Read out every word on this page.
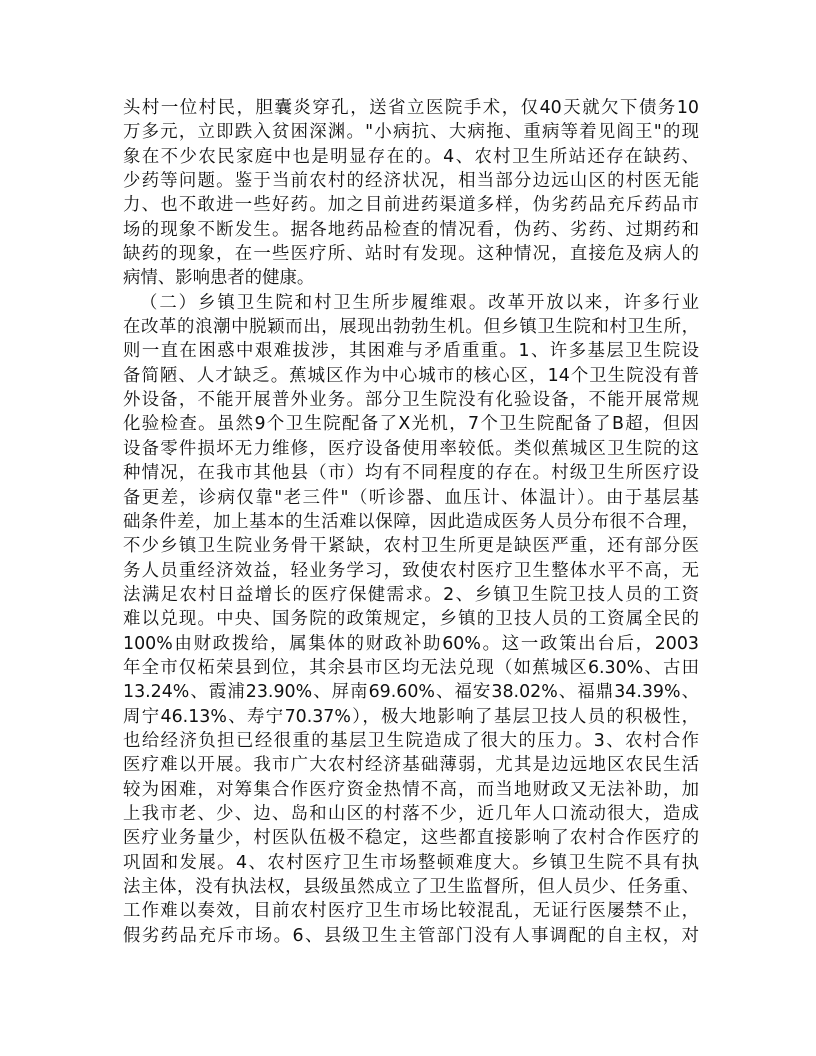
头村一位村民，胆囊炎穿孔，送省立医院手术，仅40天就欠下债务10
万多元，立即跌入贫困深渊。"小病抗、大病拖、重病等着见阎王"的现
象在不少农民家庭中也是明显存在的。4、农村卫生所站还存在缺药、
少药等问题。鉴于当前农村的经济状况，相当部分边远山区的村医无能
力、也不敢进一些好药。加之目前进药渠道多样，伪劣药品充斥药品市
场的现象不断发生。据各地药品检查的情况看，伪药、劣药、过期药和
缺药的现象，在一些医疗所、站时有发现。这种情况，直接危及病人的
病情、影响患者的健康。
（二）乡镇卫生院和村卫生所步履维艰。改革开放以来，许多行业
在改革的浪潮中脱颖而出，展现出勃勃生机。但乡镇卫生院和村卫生所，
则一直在困惑中艰难拔涉，其困难与矛盾重重。1、许多基层卫生院设
备简陋、人才缺乏。蕉城区作为中心城市的核心区，14个卫生院没有普
外设备，不能开展普外业务。部分卫生院没有化验设备，不能开展常规
化验检查。虽然9个卫生院配备了X光机，7个卫生院配备了B超，但因
设备零件损坏无力维修，医疗设备使用率较低。类似蕉城区卫生院的这
种情况，在我市其他县（市）均有不同程度的存在。村级卫生所医疗设
备更差，诊病仅靠"老三件"（听诊器、血压计、体温计）。由于基层基
础条件差，加上基本的生活难以保障，因此造成医务人员分布很不合理，
不少乡镇卫生院业务骨干紧缺，农村卫生所更是缺医严重，还有部分医
务人员重经济效益，轻业务学习，致使农村医疗卫生整体水平不高，无
法满足农村日益增长的医疗保健需求。2、乡镇卫生院卫技人员的工资
难以兑现。中央、国务院的政策规定，乡镇的卫技人员的工资属全民的
100%由财政拨给，属集体的财政补助60%。这一政策出台后，2003
年全市仅柘荣县到位，其余县市区均无法兑现（如蕉城区6.30%、古田
13.24%、霞浦23.90%、屏南69.60%、福安38.02%、福鼎34.39%、
周宁46.13%、寿宁70.37%），极大地影响了基层卫技人员的积极性，
也给经济负担已经很重的基层卫生院造成了很大的压力。3、农村合作
医疗难以开展。我市广大农村经济基础薄弱，尤其是边远地区农民生活
较为困难，对筹集合作医疗资金热情不高，而当地财政又无法补助，加
上我市老、少、边、岛和山区的村落不少，近几年人口流动很大，造成
医疗业务量少，村医队伍极不稳定，这些都直接影响了农村合作医疗的
巩固和发展。4、农村医疗卫生市场整顿难度大。乡镇卫生院不具有执
法主体，没有执法权，县级虽然成立了卫生监督所，但人员少、任务重、
工作难以奏效，目前农村医疗卫生市场比较混乱，无证行医屡禁不止，
假劣药品充斥市场。6、县级卫生主管部门没有人事调配的自主权，对
